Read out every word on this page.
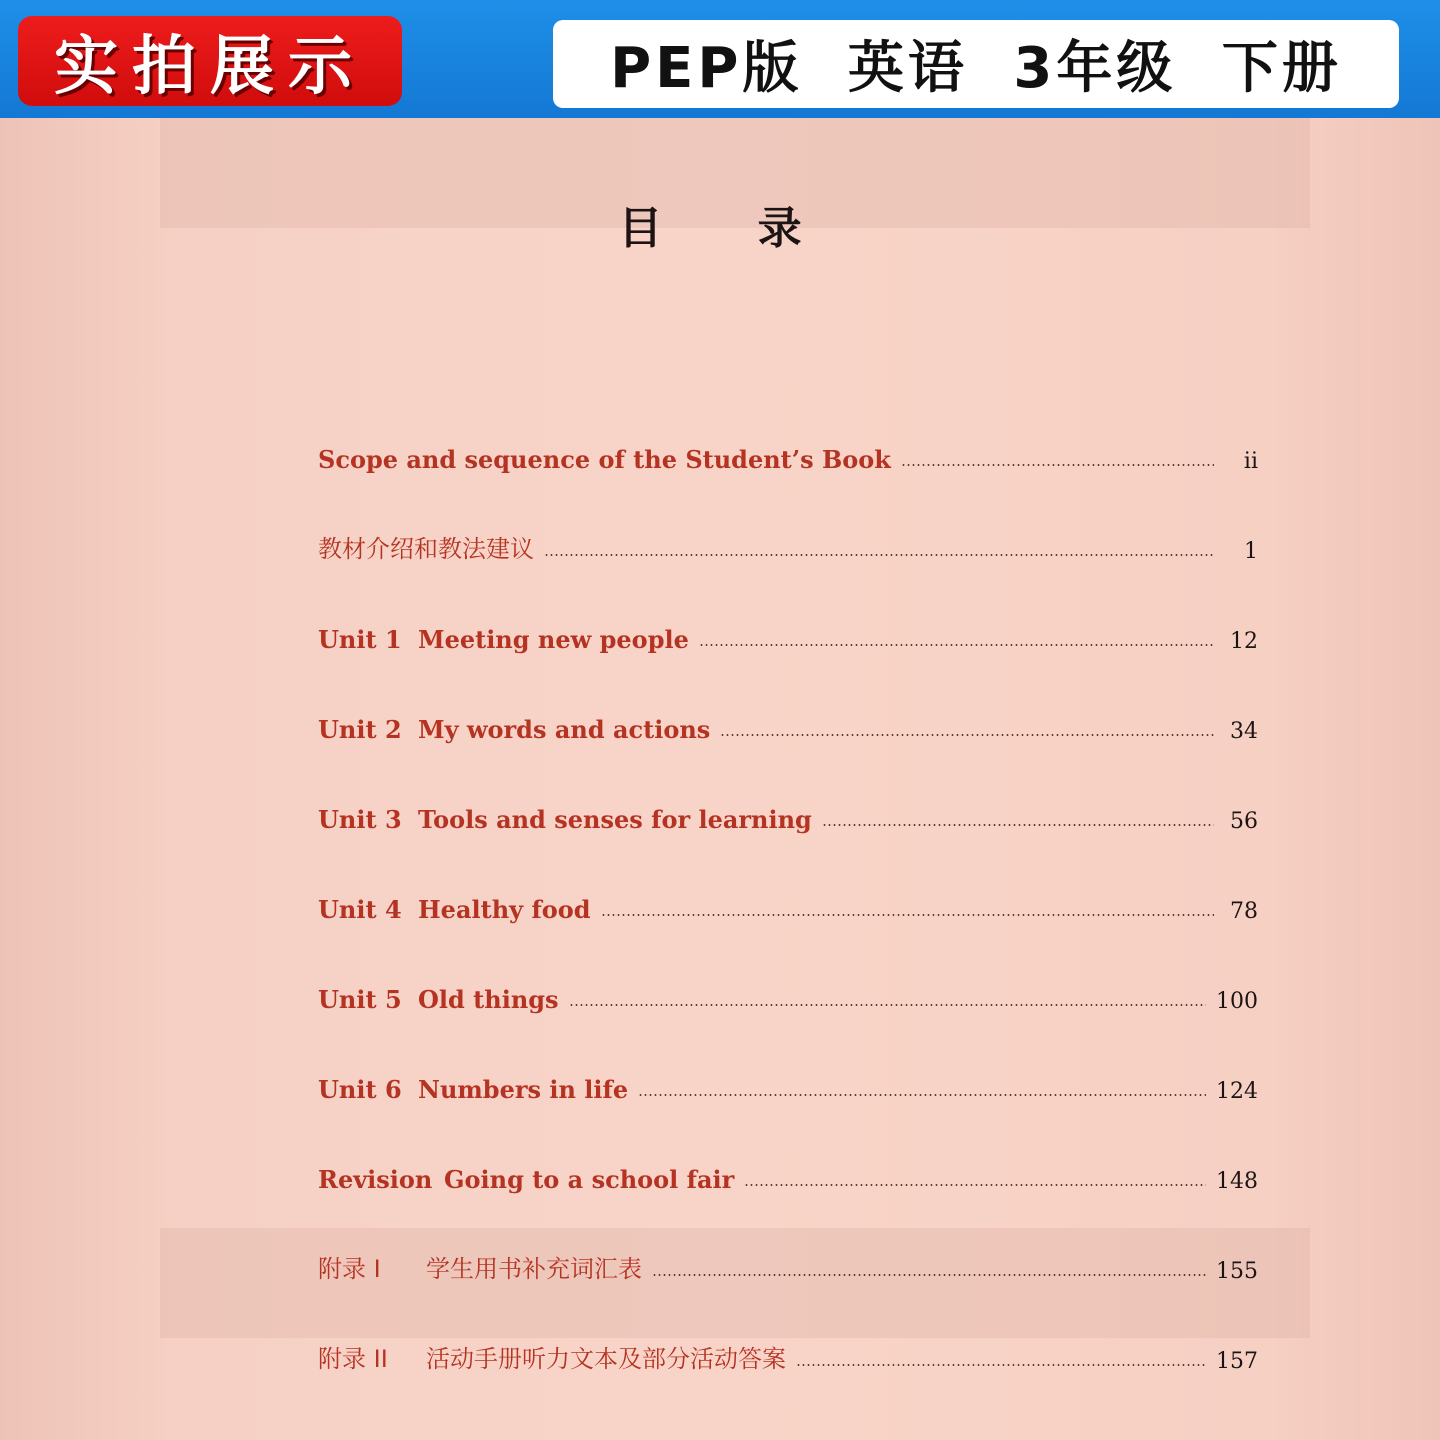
实拍展示	PEP版 英语 3年级 下册
目 录
Scope and sequence of the Student’s Book	ii
教材介绍和教法建议	1
Unit 1 Meeting new people	12
Unit 2 My words and actions	34
Unit 3 Tools and senses for learning	56
Unit 4 Healthy food	78
Unit 5 Old things	100
Unit 6 Numbers in life	124
Revision Going to a school fair	148
附录 I	学生用书补充词汇表	155
附录 II	活动手册听力文本及部分活动答案	157
